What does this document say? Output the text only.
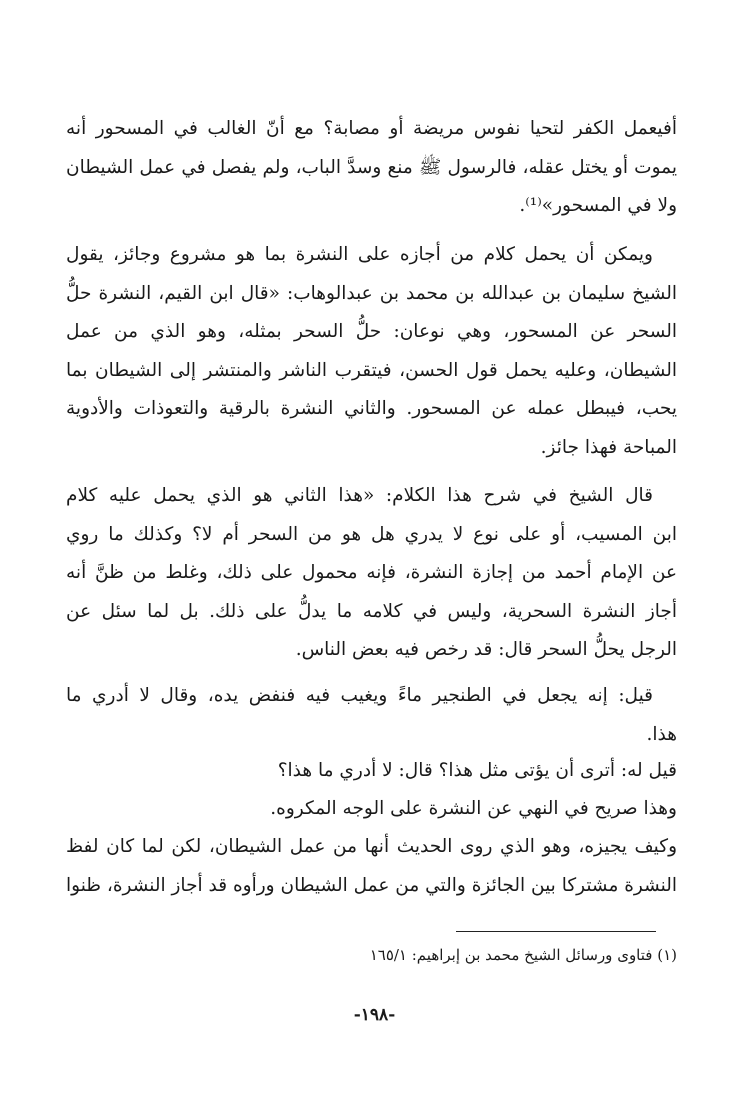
أفيعمل الكفر لتحيا نفوس مريضة أو مصابة؟ مع أنّ الغالب في المسحور أنه
يموت أو يختل عقله، فالرسول ﷺ منع وسدَّ الباب، ولم يفصل في عمل الشيطان
ولا في المسحور»⁽¹⁾.
ويمكن أن يحمل كلام من أجازه على النشرة بما هو مشروع وجائز، يقول
الشيخ سليمان بن عبدالله بن محمد بن عبدالوهاب: «قال ابن القيم، النشرة حلُّ
السحر عن المسحور، وهي نوعان: حلُّ السحر بمثله، وهو الذي من عمل
الشيطان، وعليه يحمل قول الحسن، فيتقرب الناشر والمنتشر إلى الشيطان بما
يحب، فيبطل عمله عن المسحور. والثاني النشرة بالرقية والتعوذات والأدوية
المباحة فهذا جائز.
قال الشيخ في شرح هذا الكلام: «هذا الثاني هو الذي يحمل عليه كلام
ابن المسيب، أو على نوع لا يدري هل هو من السحر أم لا؟ وكذلك ما روي
عن الإمام أحمد من إجازة النشرة، فإنه محمول على ذلك، وغلط من ظنَّ أنه
أجاز النشرة السحرية، وليس في كلامه ما يدلُّ على ذلك. بل لما سئل عن
الرجل يحلُّ السحر قال: قد رخص فيه بعض الناس.
قيل: إنه يجعل في الطنجير ماءً ويغيب فيه فنفض يده، وقال لا أدري ما
هذا.
قيل له: أترى أن يؤتى مثل هذا؟ قال: لا أدري ما هذا؟
وهذا صريح في النهي عن النشرة على الوجه المكروه.
وكيف يجيزه، وهو الذي روى الحديث أنها من عمل الشيطان، لكن لما كان لفظ
النشرة مشتركا بين الجائزة والتي من عمل الشيطان ورأوه قد أجاز النشرة، ظنوا
(١) فتاوى ورسائل الشيخ محمد بن إبراهيم: ١٦٥/١
-١٩٨-
